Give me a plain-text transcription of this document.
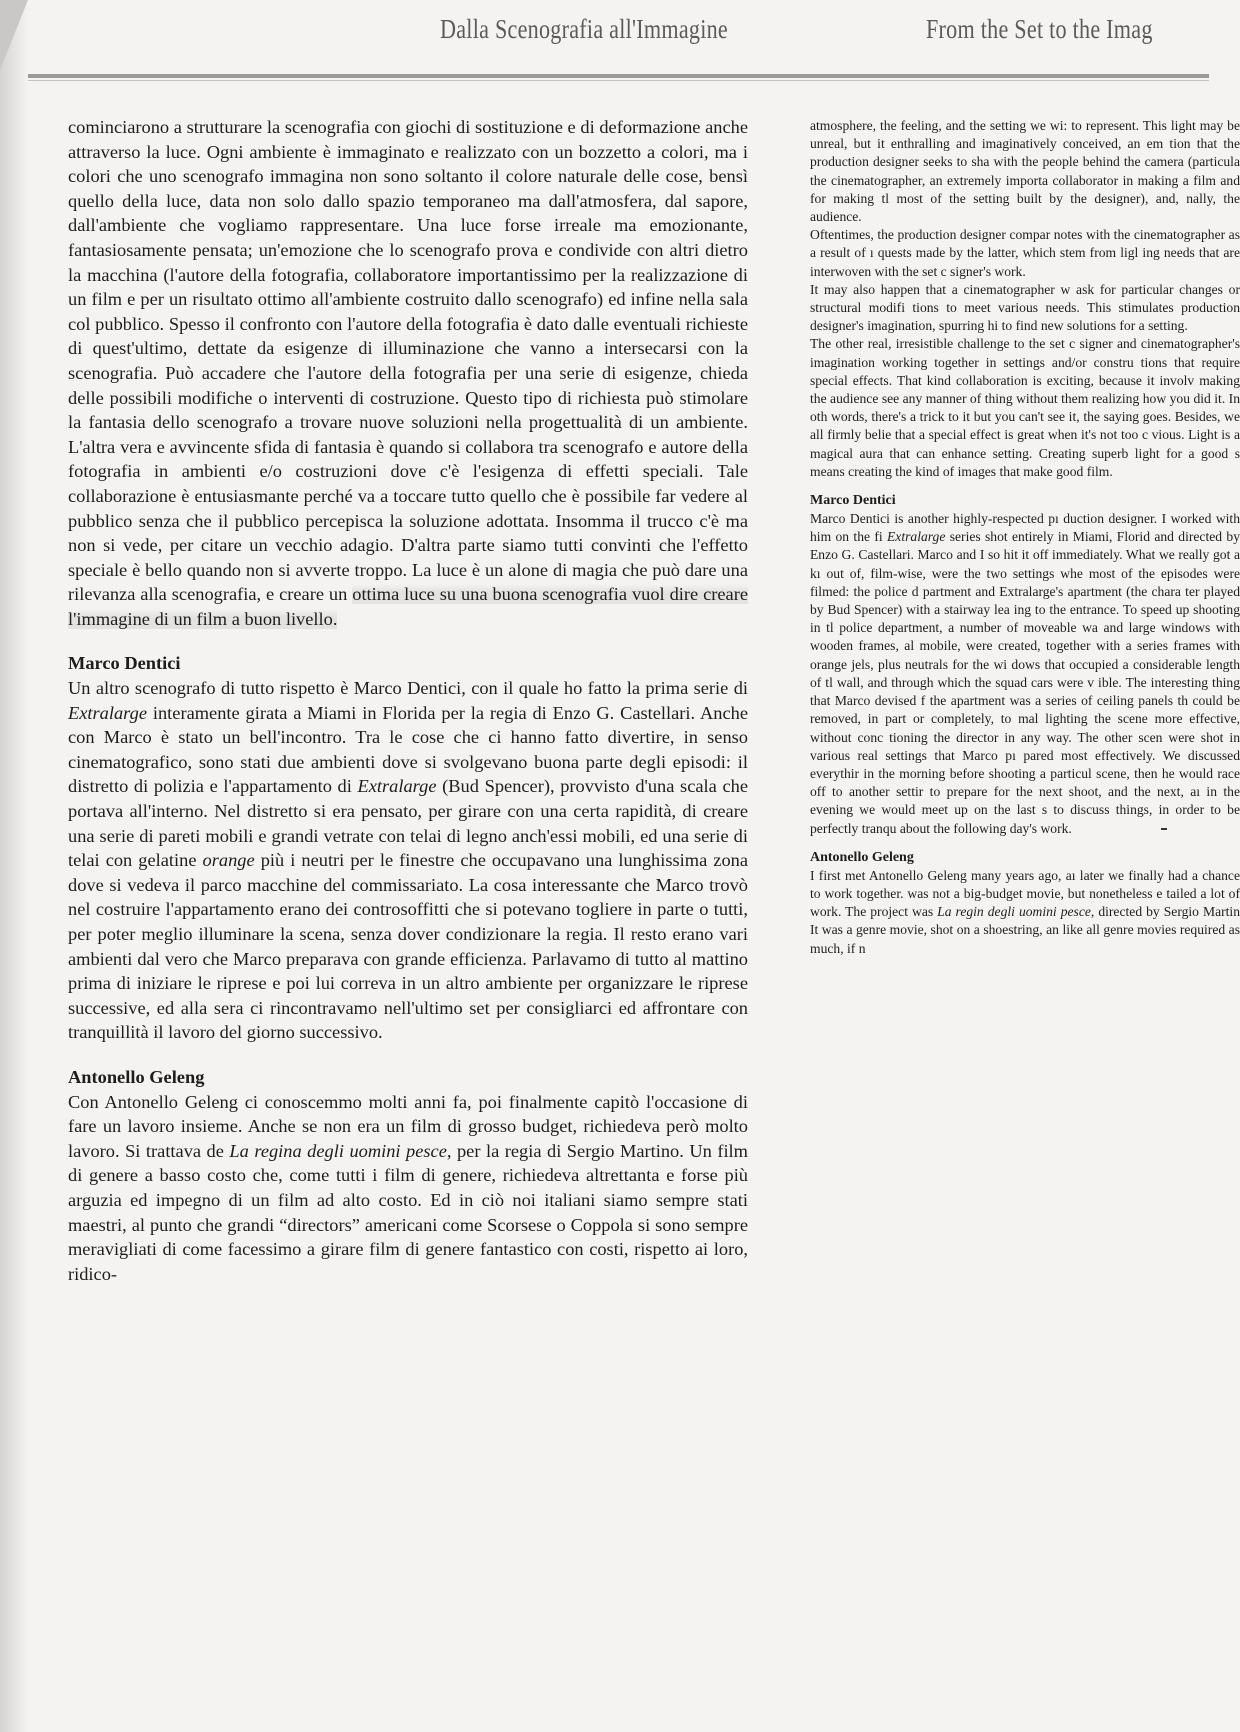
Dalla Scenografia all'Immagine	From the Set to the Imag

cominciarono a strutturare la scenografia con giochi di sostituzione e di deformazione anche attraverso la luce. Ogni ambiente è immaginato e realizzato con un bozzetto a colori, ma i colori che uno scenografo immagina non sono soltanto il colore naturale delle cose, bensì quello della luce, data non solo dallo spazio temporaneo ma dall'atmosfera, dal sapore, dall'ambiente che vogliamo rappresentare. Una luce forse irreale ma emozionante, fantasiosamente pensata; un'emozione che lo scenografo prova e condivide con altri dietro la macchina (l'autore della fotografia, collaboratore importantissimo per la realizzazione di un film e per un risultato ottimo all'ambiente costruito dallo scenografo) ed infine nella sala col pubblico. Spesso il confronto con l'autore della fotografia è dato dalle eventuali richieste di quest'ultimo, dettate da esigenze di illuminazione che vanno a intersecarsi con la scenografia. Può accadere che l'autore della fotografia per una serie di esigenze, chieda delle possibili modifiche o interventi di costruzione. Questo tipo di richiesta può stimolare la fantasia dello scenografo a trovare nuove soluzioni nella progettualità di un ambiente. L'altra vera e avvincente sfida di fantasia è quando si collabora tra scenografo e autore della fotografia in ambienti e/o costruzioni dove c'è l'esigenza di effetti speciali. Tale collaborazione è entusiasmante perché va a toccare tutto quello che è possibile far vedere al pubblico senza che il pubblico percepisca la soluzione adottata. Insomma il trucco c'è ma non si vede, per citare un vecchio adagio. D'altra parte siamo tutti convinti che l'effetto speciale è bello quando non si avverte troppo. La luce è un alone di magia che può dare una rilevanza alla scenografia, e creare un ottima luce su una buona scenografia vuol dire creare l'immagine di un film a buon livello.

Marco Dentici

Un altro scenografo di tutto rispetto è Marco Dentici, con il quale ho fatto la prima serie di Extralarge interamente girata a Miami in Florida per la regia di Enzo G. Castellari. Anche con Marco è stato un bell'incontro. Tra le cose che ci hanno fatto divertire, in senso cinematografico, sono stati due ambienti dove si svolgevano buona parte degli episodi: il distretto di polizia e l'appartamento di Extralarge (Bud Spencer), provvisto d'una scala che portava all'interno. Nel distretto si era pensato, per girare con una certa rapidità, di creare una serie di pareti mobili e grandi vetrate con telai di legno anch'essi mobili, ed una serie di telai con gelatine orange più i neutri per le finestre che occupavano una lunghissima zona dove si vedeva il parco macchine del commissariato. La cosa interessante che Marco trovò nel costruire l'appartamento erano dei controsoffitti che si potevano togliere in parte o tutti, per poter meglio illuminare la scena, senza dover condizionare la regia. Il resto erano vari ambienti dal vero che Marco preparava con grande efficienza. Parlavamo di tutto al mattino prima di iniziare le riprese e poi lui correva in un altro ambiente per organizzare le riprese successive, ed alla sera ci rincontravamo nell'ultimo set per consigliarci ed affrontare con tranquillità il lavoro del giorno successivo.

Antonello Geleng

Con Antonello Geleng ci conoscemmo molti anni fa, poi finalmente capitò l'occasione di fare un lavoro insieme. Anche se non era un film di grosso budget, richiedeva però molto lavoro. Si trattava de La regina degli uomini pesce, per la regia di Sergio Martino. Un film di genere a basso costo che, come tutti i film di genere, richiedeva altrettanta e forse più arguzia ed impegno di un film ad alto costo. Ed in ciò noi italiani siamo sempre stati maestri, al punto che grandi “directors” americani come Scorsese o Coppola si sono sempre meravigliati di come facessimo a girare film di genere fantastico con costi, rispetto ai loro, ridico-

atmosphere, the feeling, and the setting we wi: to represent. This light may be unreal, but it enthralling and imaginatively conceived, an em tion that the production designer seeks to sha with the people behind the camera (particula the cinematographer, an extremely importa collaborator in making a film and for making tl most of the setting built by the designer), and, nally, the audience.

Oftentimes, the production designer compar notes with the cinematographer as a result of ı quests made by the latter, which stem from ligl ing needs that are interwoven with the set c signer's work.

It may also happen that a cinematographer w ask for particular changes or structural modifi tions to meet various needs. This stimulates production designer's imagination, spurring hi to find new solutions for a setting.

The other real, irresistible challenge to the set c signer and cinematographer's imagination working together in settings and/or constru tions that require special effects. That kind collaboration is exciting, because it involv making the audience see any manner of thing without them realizing how you did it. In oth words, there's a trick to it but you can't see it, the saying goes. Besides, we all firmly belie that a special effect is great when it's not too c vious. Light is a magical aura that can enhance setting. Creating superb light for a good s means creating the kind of images that make good film.

Marco Dentici

Marco Dentici is another highly-respected pı duction designer. I worked with him on the fi Extralarge series shot entirely in Miami, Florid and directed by Enzo G. Castellari. Marco and I so hit it off immediately. What we really got a kı out of, film-wise, were the two settings whe most of the episodes were filmed: the police d partment and Extralarge's apartment (the chara ter played by Bud Spencer) with a stairway lea ing to the entrance. To speed up shooting in tl police department, a number of moveable wa and large windows with wooden frames, al mobile, were created, together with a series frames with orange jels, plus neutrals for the wi dows that occupied a considerable length of tl wall, and through which the squad cars were v ible. The interesting thing that Marco devised f the apartment was a series of ceiling panels th could be removed, in part or completely, to mal lighting the scene more effective, without conc tioning the director in any way. The other scen were shot in various real settings that Marco pı pared most effectively. We discussed everythir in the morning before shooting a particul scene, then he would race off to another settir to prepare for the next shoot, and the next, aı in the evening we would meet up on the last s to discuss things, in order to be perfectly tranqu about the following day's work.

Antonello Geleng

I first met Antonello Geleng many years ago, aı later we finally had a chance to work together. was not a big-budget movie, but nonetheless e tailed a lot of work. The project was La regin degli uomini pesce, directed by Sergio Martin It was a genre movie, shot on a shoestring, an like all genre movies required as much, if n
